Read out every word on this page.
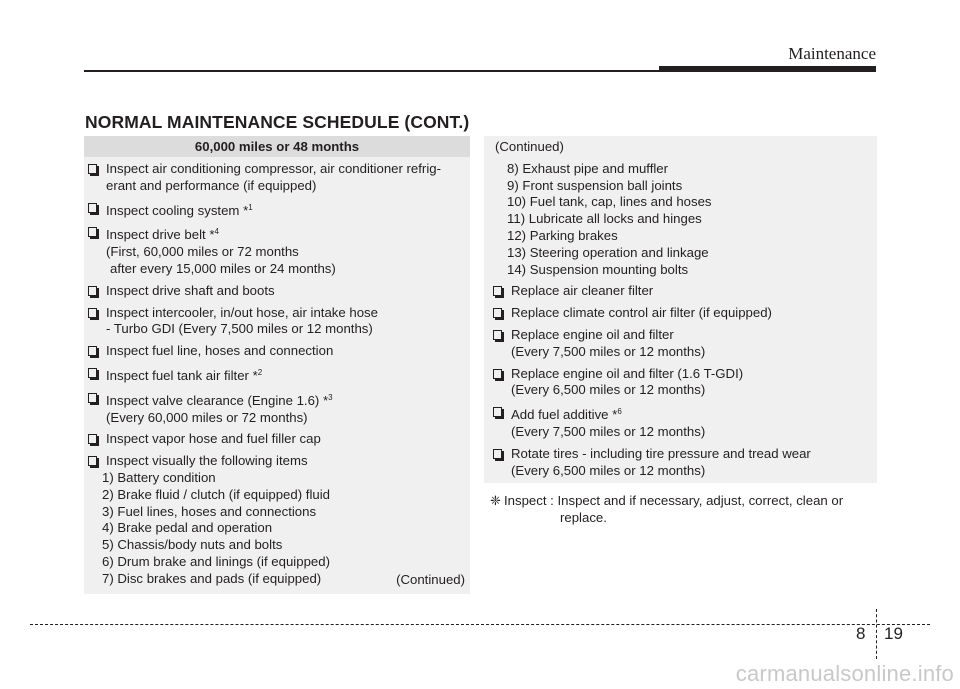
Maintenance
NORMAL MAINTENANCE SCHEDULE (CONT.)
60,000 miles or 48 months
Inspect air conditioning compressor, air conditioner refrig-
erant and performance (if equipped)
Inspect cooling system *$^1$
Inspect drive belt *$^4$
(First, 60,000 miles or 72 months
after every 15,000 miles or 24 months)
Inspect drive shaft and boots
Inspect intercooler, in/out hose, air intake hose
- Turbo GDI (Every 7,500 miles or 12 months)
Inspect fuel line, hoses and connection
Inspect fuel tank air filter *$^2$
Inspect valve clearance (Engine 1.6) *$^3$
(Every 60,000 miles or 72 months)
Inspect vapor hose and fuel filler cap
Inspect visually the following items
1) Battery condition
2) Brake fluid / clutch (if equipped) fluid
3) Fuel lines, hoses and connections
4) Brake pedal and operation
5) Chassis/body nuts and bolts
6) Drum brake and linings (if equipped)
7) Disc brakes and pads (if equipped)	(Continued)
(Continued)
8) Exhaust pipe and muffler
9) Front suspension ball joints
10) Fuel tank, cap, lines and hoses
11) Lubricate all locks and hinges
12) Parking brakes
13) Steering operation and linkage
14) Suspension mounting bolts
Replace air cleaner filter
Replace climate control air filter (if equipped)
Replace engine oil and filter
(Every 7,500 miles or 12 months)
Replace engine oil and filter (1.6 T-GDI)
(Every 6,500 miles or 12 months)
Add fuel additive *$^6$
(Every 7,500 miles or 12 months)
Rotate tires - including tire pressure and tread wear
(Every 6,500 miles or 12 months)
❈ Inspect : Inspect and if necessary, adjust, correct, clean or
replace.
8 19
carmanualsonline.info
